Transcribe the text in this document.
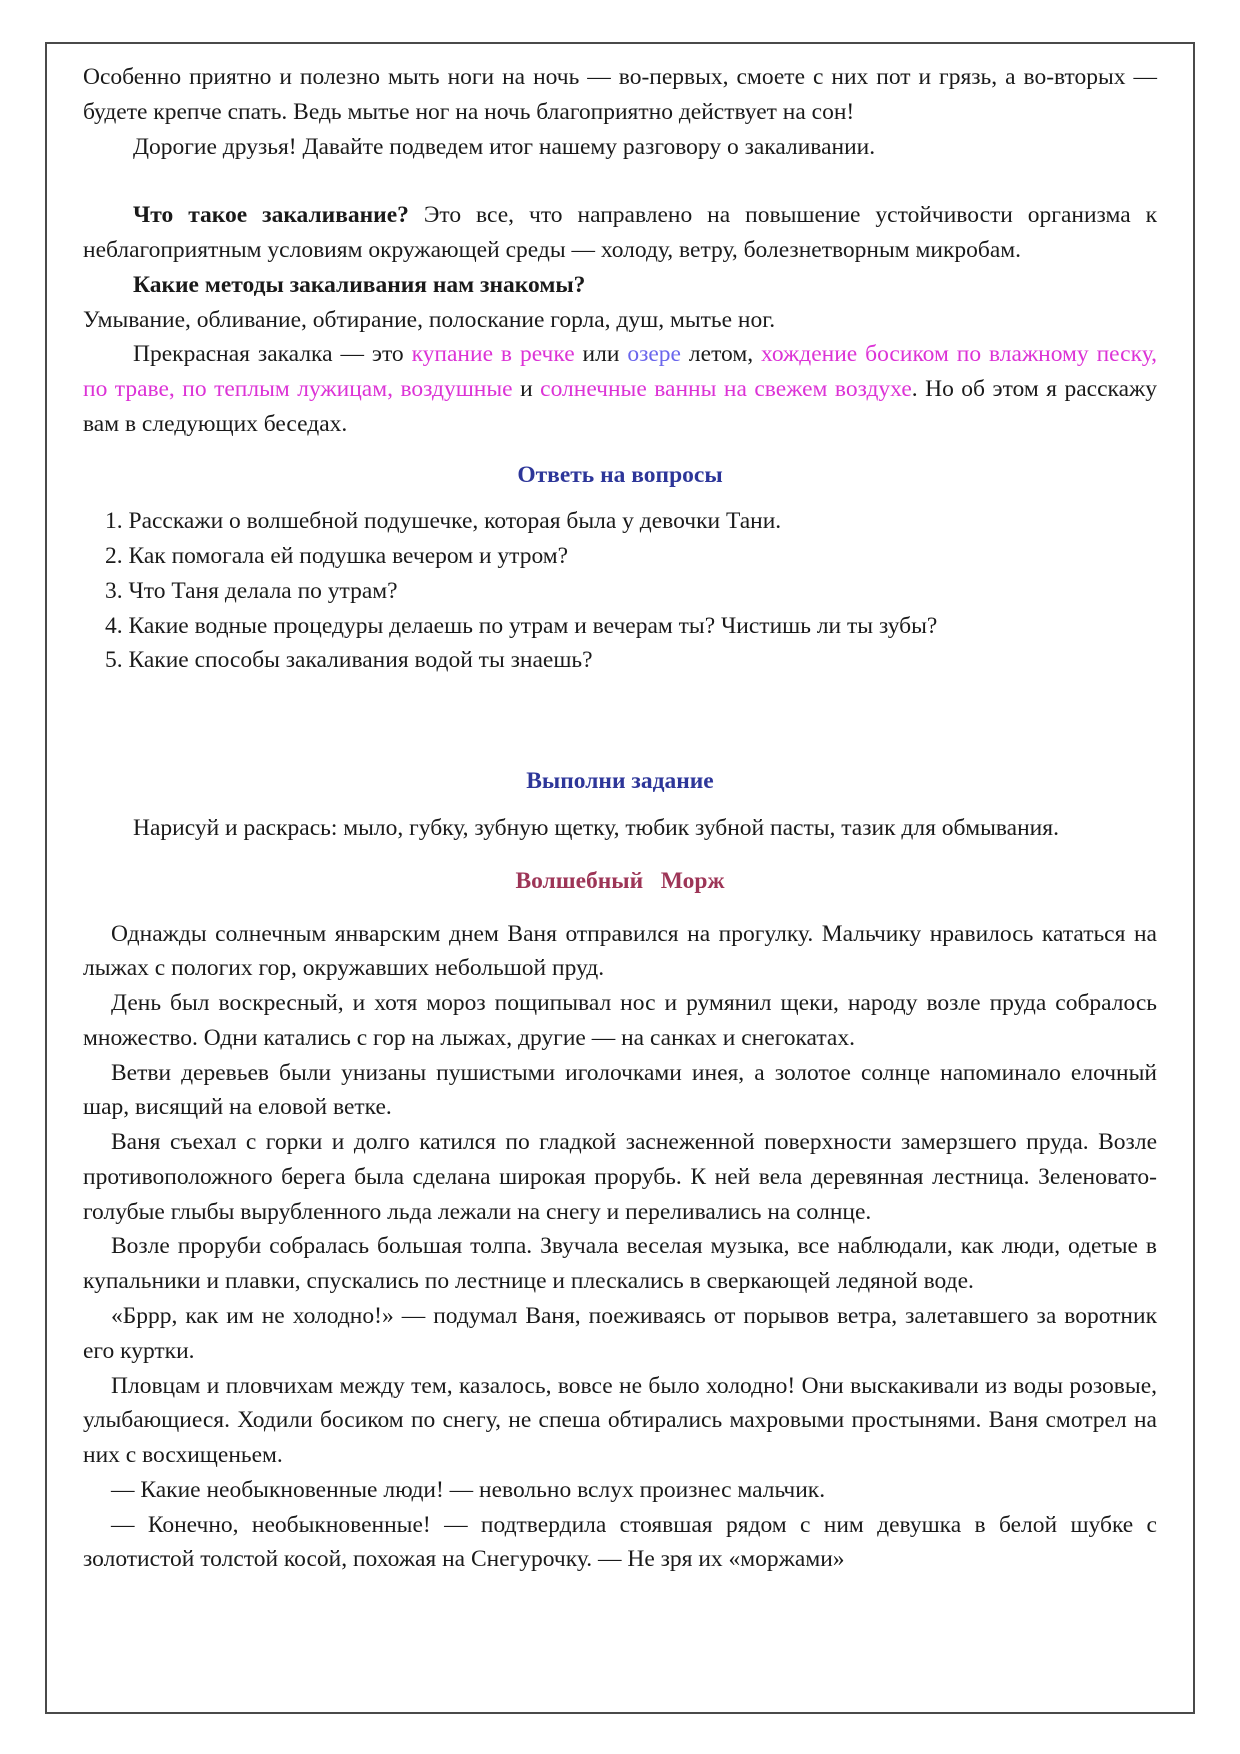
Особенно приятно и полезно мыть ноги на ночь — во-первых, смоете с них пот и грязь, а во-вторых — будете крепче спать. Ведь мытье ног на ночь благоприятно действует на сон!
Дорогие друзья! Давайте подведем итог нашему разговору о закаливании.
Что такое закаливание? Это все, что направлено на повышение устойчивости организма к неблагоприятным условиям окружающей среды — холоду, ветру, болезнетворным микробам.
Какие методы закаливания нам знакомы?
Умывание, обливание, обтирание, полоскание горла, душ, мытье ног.
Прекрасная закалка — это купание в речке или озере летом, хождение босиком по влажному песку, по траве, по теплым лужицам, воздушные и солнечные ванны на свежем воздухе. Но об этом я расскажу вам в следующих беседах.
Ответь на вопросы
1. Расскажи о волшебной подушечке, которая была у девочки Тани.
2. Как помогала ей подушка вечером и утром?
3. Что Таня делала по утрам?
4. Какие водные процедуры делаешь по утрам и вечерам ты? Чистишь ли ты зубы?
5. Какие способы закаливания водой ты знаешь?
Выполни задание
Нарисуй и раскрась: мыло, губку, зубную щетку, тюбик зубной пасты, тазик для обмывания.
Волшебный   Морж
Однажды солнечным январским днем Ваня отправился на прогулку. Мальчику нравилось кататься на лыжах с пологих гор, окружавших небольшой пруд.
День был воскресный, и хотя мороз пощипывал нос и румянил щеки, народу возле пруда собралось множество. Одни катались с гор на лыжах, другие — на санках и снегокатах.
Ветви деревьев были унизаны пушистыми иголочками инея, а золотое солнце напоминало елочный шар, висящий на еловой ветке.
Ваня съехал с горки и долго катился по гладкой заснеженной поверхности замерзшего пруда. Возле противоположного берега была сделана широкая прорубь. К ней вела деревянная лестница. Зеленовато-голубые глыбы вырубленного льда лежали на снегу и переливались на солнце.
Возле проруби собралась большая толпа. Звучала веселая музыка, все наблюдали, как люди, одетые в купальники и плавки, спускались по лестнице и плескались в сверкающей ледяной воде.
«Бррр, как им не холодно!» — подумал Ваня, поеживаясь от порывов ветра, залетавшего за воротник его куртки.
Пловцам и пловчихам между тем, казалось, вовсе не было холодно! Они выскакивали из воды розовые, улыбающиеся. Ходили босиком по снегу, не спеша обтирались махровыми простынями. Ваня смотрел на них с восхищеньем.
— Какие необыкновенные люди! — невольно вслух произнес мальчик.
— Конечно, необыкновенные! — подтвердила стоявшая рядом с ним девушка в белой шубке с золотистой толстой косой, похожая на Снегурочку. — Не зря их «моржами»
